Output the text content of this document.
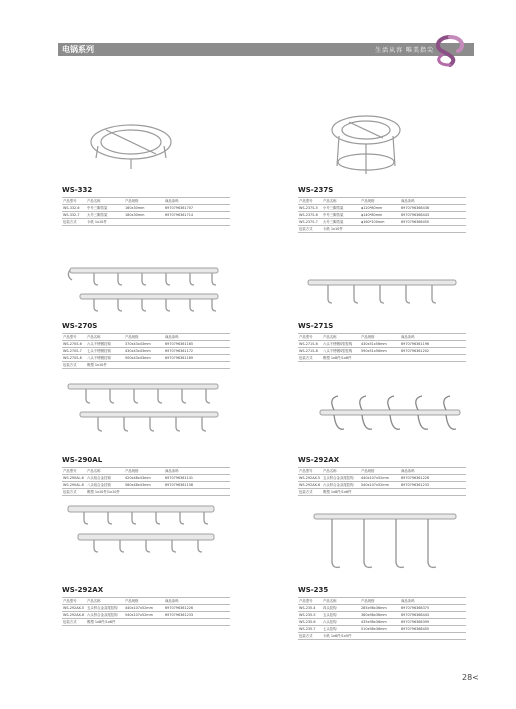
电锅系列	生活从容 唯美指尖
WS-332
产品型号	产品名称	产品规格	商品条码
WS-332-6	中号三脚蒸架	160x30mm	6970796361707
WS-332-7	大号三脚蒸架	180x30mm	6970796361714
包装方式	卡纸 1x10件		
WS-237S
产品型号	产品名称	产品规格	商品条码
WS-237S-5	小号三脚蒸架	φ120*80mm	6970796368436
WS-237S-6	中号三脚蒸架	φ140*80mm	6970796368443
WS-237S-7	大号三脚蒸架	φ160*100mm	6970796368450
包装方式	卡纸 1x10件		
WS-270S
产品型号	产品名称	产品规格	商品条码
WS-270S-6	六头不锈钢挂钩	370x43x43mm	6970796361165
WS-270S-7	七头不锈钢挂钩	430x43x43mm	6970796361172
WS-270S-8	八头不锈钢挂钩	500x43x43mm	6970796361189
包装方式	吸塑 1x10件		
WS-271S
产品型号	产品名称	产品规格	商品条码
WS-271S-6	六头不锈钢S型挂钩	430x51x56mm	6970796361196
WS-271S-8	八头不锈钢S型挂钩	590x51x56mm	6970796361202
包装方式	吸塑 1x8件/1x6件		
WS-290AL
产品型号	产品名称	产品规格	商品条码
WS-290AL-6	六头铝合金挂钩	420x48x43mm	6970796361141
WS-290AL-8	八头铝合金挂钩	580x48x43mm	6970796361158
包装方式	吸塑 1x10件/1x10件		
WS-292AX
产品型号	产品名称	产品规格	商品条码
WS-292AX-5	五头锌合金双尾挂钩	440x107x52mm	6970796361226
WS-292AX-6	六头锌合金双尾挂钩	540x107x52mm	6970796361233
包装方式	吸塑 1x8件/1x6件		
WS-292AX
产品型号	产品名称	产品规格	商品条码
WS-292AX-5	五头锌合金双尾挂钩	440x107x52mm	6970796361226
WS-292AX-6	六头锌合金双尾挂钩	540x107x52mm	6970796361233
包装方式	吸塑 1x8件/1x6件		
WS-235
产品型号	产品名称	产品规格	商品条码
WS-235-4	四头挂钩	285x98x36mm	6970796368375
WS-235-5	五头挂钩	360x98x36mm	6970796368443
WS-235-6	六头挂钩	435x98x36mm	6970796368399
WS-235-7	七头挂钩	510x98x36mm	6970796368405
包装方式	卡纸 1x6件/1x5件		
28<
